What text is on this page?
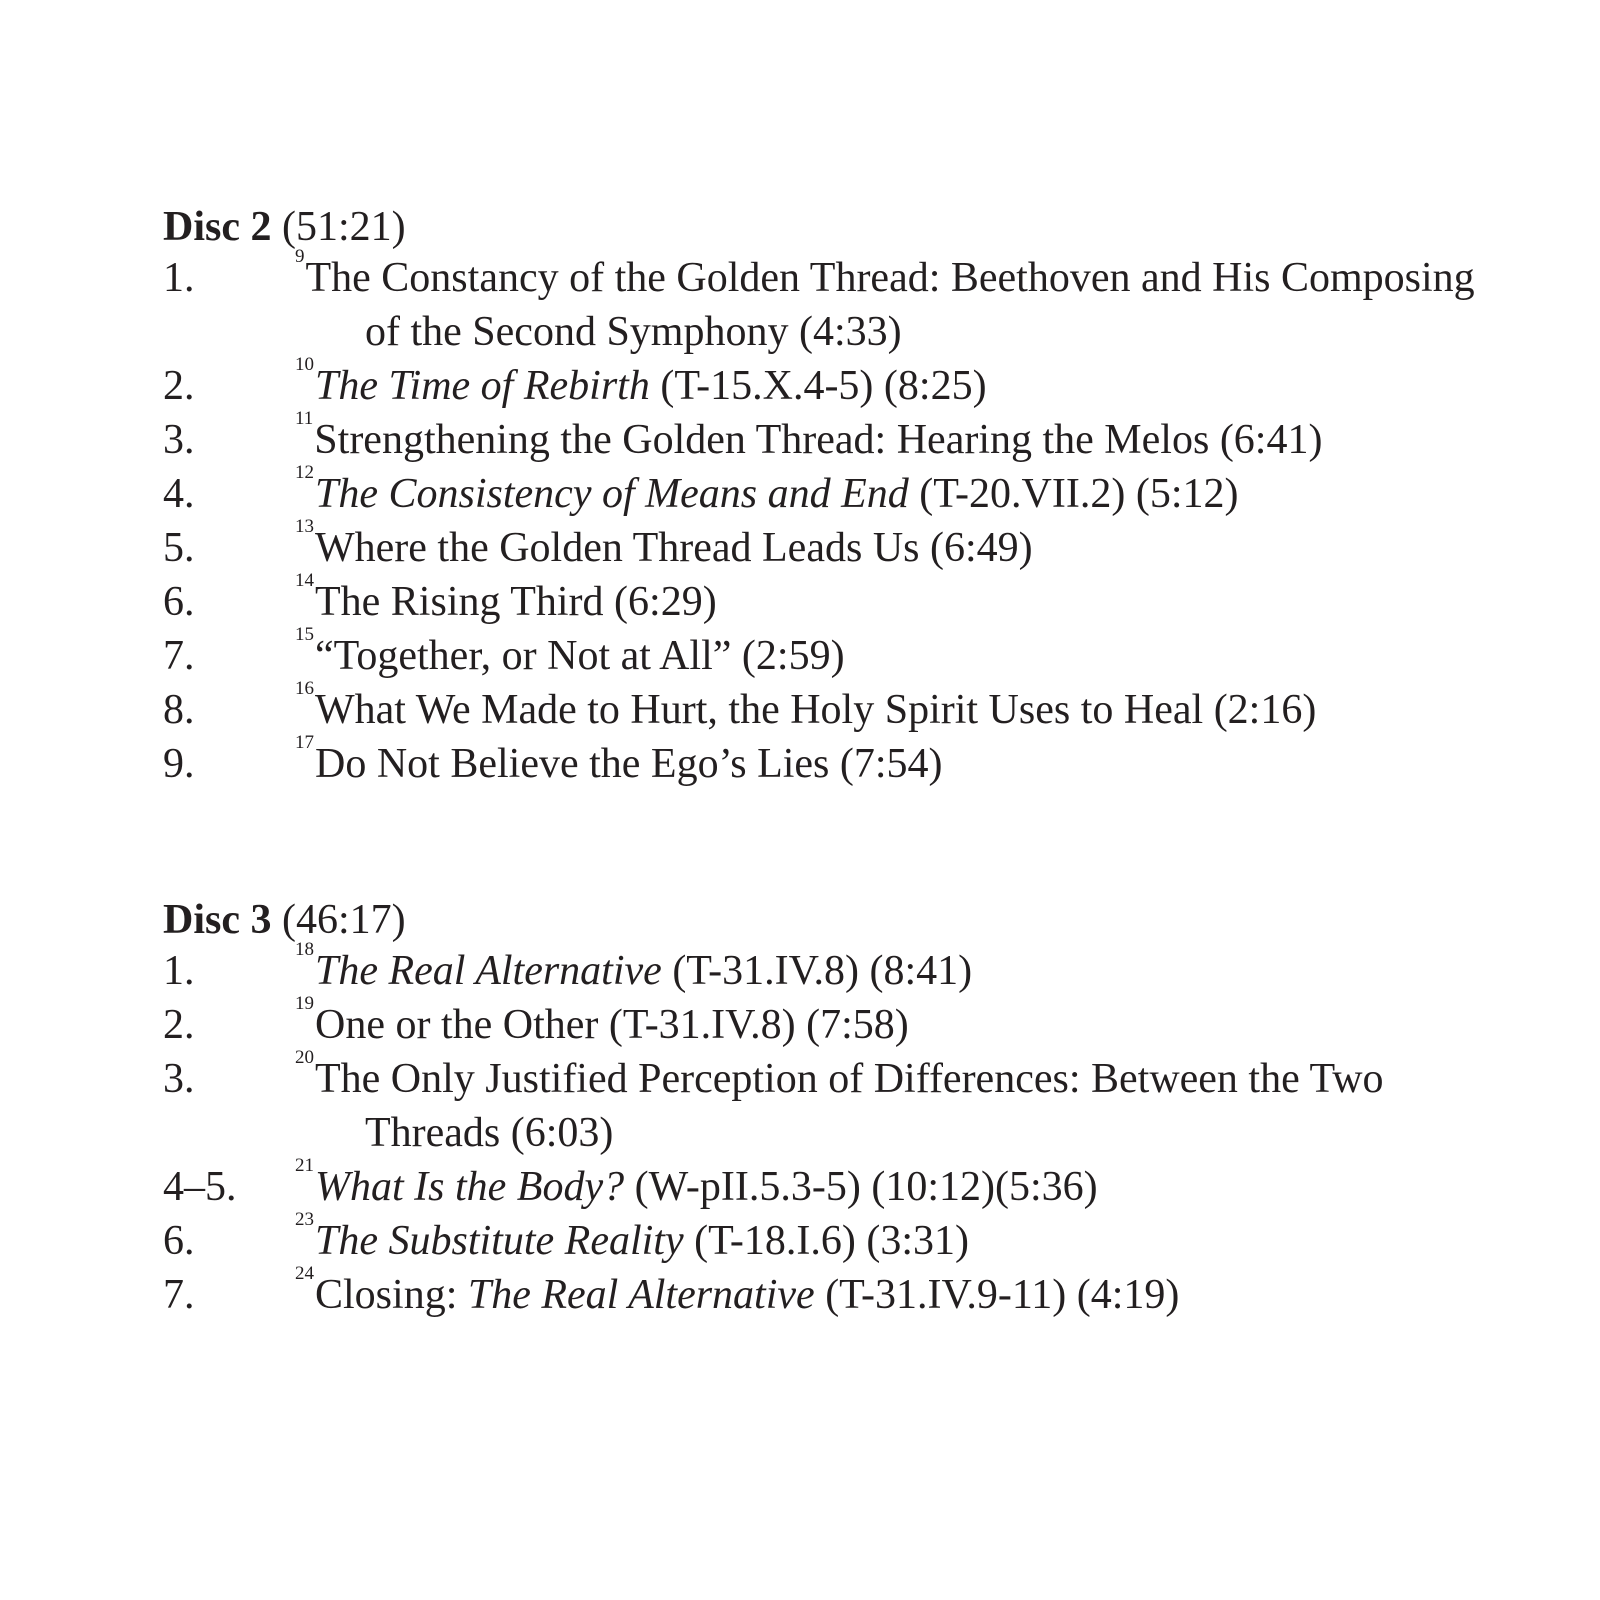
Disc 2 (51:21)
1.	$^9$The Constancy of the Golden Thread: Beethoven and His Composing of the Second Symphony (4:33)
2.	$^{10}$The Time of Rebirth (T-15.X.4-5) (8:25)
3.	$^{11}$Strengthening the Golden Thread: Hearing the Melos (6:41)
4.	$^{12}$The Consistency of Means and End (T-20.VII.2) (5:12)
5.	$^{13}$Where the Golden Thread Leads Us (6:49)
6.	$^{14}$The Rising Third (6:29)
7.	$^{15}$“Together, or Not at All” (2:59)
8.	$^{16}$What We Made to Hurt, the Holy Spirit Uses to Heal (2:16)
9.	$^{17}$Do Not Believe the Ego’s Lies (7:54)
Disc 3 (46:17)
1.	$^{18}$The Real Alternative (T-31.IV.8) (8:41)
2.	$^{19}$One or the Other (T-31.IV.8) (7:58)
3.	$^{20}$The Only Justified Perception of Differences: Between the Two Threads (6:03)
4–5.	$^{21}$What Is the Body? (W-pII.5.3-5) (10:12)(5:36)
6.	$^{23}$The Substitute Reality (T-18.I.6) (3:31)
7.	$^{24}$Closing: The Real Alternative (T-31.IV.9-11) (4:19)
